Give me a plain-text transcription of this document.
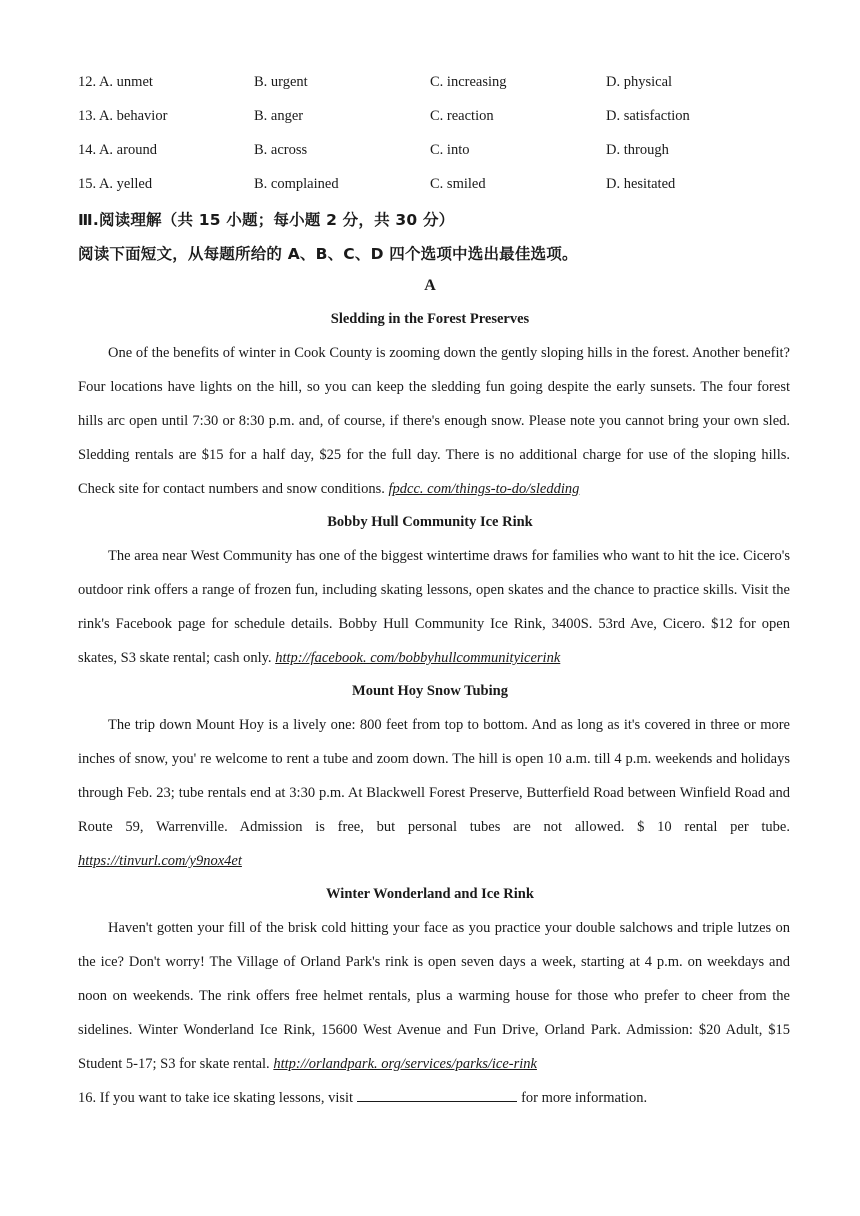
12. A. unmet	B. urgent	C. increasing	D. physical
13. A. behavior	B. anger	C. reaction	D. satisfaction
14. A. around	B. across	C. into	D. through
15. A. yelled	B. complained	C. smiled	D. hesitated
Ⅲ.阅读理解（共 15 小题；每小题 2 分，共 30 分）
阅读下面短文，从每题所给的 A、B、C、D 四个选项中选出最佳选项。
A
Sledding in the Forest Preserves

One of the benefits of winter in Cook County is zooming down the gently sloping hills in the forest. Another benefit? Four locations have lights on the hill, so you can keep the sledding fun going despite the early sunsets. The four forest hills arc open until 7:30 or 8:30 p.m. and, of course, if there's enough snow. Please note you cannot bring your own sled. Sledding rentals are $15 for a half day, $25 for the full day. There is no additional charge for use of the sloping hills. Check site for contact numbers and snow conditions. fpdcc. com/things-to-do/sledding

Bobby Hull Community Ice Rink

The area near West Community has one of the biggest wintertime draws for families who want to hit the ice. Cicero's outdoor rink offers a range of frozen fun, including skating lessons, open skates and the chance to practice skills. Visit the rink's Facebook page for schedule details. Bobby Hull Community Ice Rink, 3400S. 53rd Ave, Cicero. $12 for open skates, S3 skate rental; cash only. http://facebook. com/bobbyhullcommunityicerink

Mount Hoy Snow Tubing

The trip down Mount Hoy is a lively one: 800 feet from top to bottom. And as long as it's covered in three or more inches of snow, you' re welcome to rent a tube and zoom down. The hill is open 10 a.m. till 4 p.m. weekends and holidays through Feb. 23; tube rentals end at 3:30 p.m. At Blackwell Forest Preserve, Butterfield Road between Winfield Road and Route 59, Warrenville. Admission is free, but personal tubes are not allowed. $ 10 rental per tube. https://tinvurl.com/y9nox4et

Winter Wonderland and Ice Rink

Haven't gotten your fill of the brisk cold hitting your face as you practice your double salchows and triple lutzes on the ice? Don't worry! The Village of Orland Park's rink is open seven days a week, starting at 4 p.m. on weekdays and noon on weekends. The rink offers free helmet rentals, plus a warming house for those who prefer to cheer from the sidelines. Winter Wonderland Ice Rink, 15600 West Avenue and Fun Drive, Orland Park. Admission: $20 Adult, $15 Student 5-17; S3 for skate rental. http://orlandpark. org/services/parks/ice-rink

16. If you want to take ice skating lessons, visit	for more information.
